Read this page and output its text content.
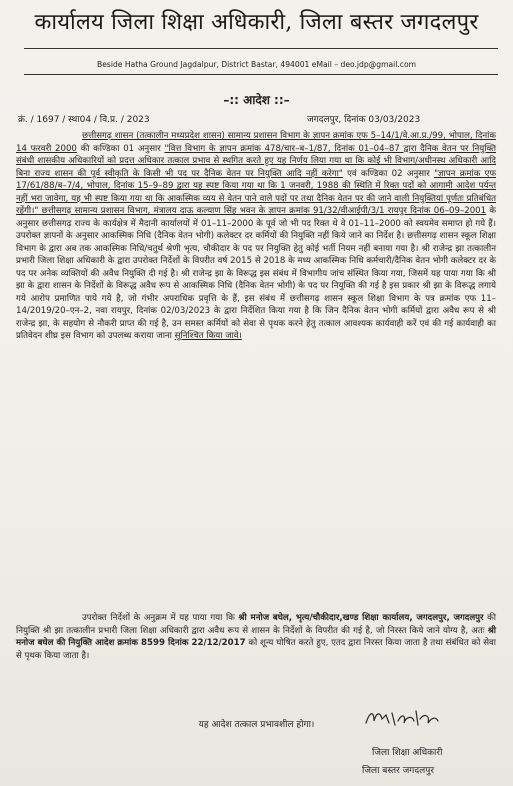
कार्यालय जिला शिक्षा अधिकारी, जिला बस्तर जगदलपुर
Beside Hatha Ground Jagdalpur, District Bastar, 494001 eMail – deo.jdp@gmail.com
–:: आदेश ::–
क्रं. / 1697 / स्था04 / वि.प्र. / 2023	जगदलपुर, दिनांक 03/03/2023
छत्तीसगढ़ शासन (तत्कालीन मध्यप्रदेश शासन) सामान्य प्रशासन विभाग के ज्ञापन क्रमांक एफ 5–14/1/वे.आ.प्र./99, भोपाल, दिनांक 14 फरवरी 2000 की कण्डिका 01 अनुसार "वित्त विभाग के ज्ञापन क्रमांक 478/चार–ब–1/87, दिनांक 01–04–87 द्वारा दैनिक वेतन पर नियुक्ति संबंधी शासकीय अधिकारियों को प्रदत्त अधिकार तत्काल प्रभाव से स्थगित करते हुए यह निर्णय लिया गया था कि कोई भी विभाग/अधीनस्थ अधिकारी आदि बिना राज्य शासन की पूर्व स्वीकृति के किसी भी पद पर दैनिक वेतन पर नियुक्ति आदि नहीं करेगा" एवं कण्डिका 02 अनुसार "ज्ञापन क्रमांक एफ 17/61/88/ब–7/4, भोपाल, दिनांक 15–9–89 द्वारा यह स्पष्ट किया गया था कि 1 जनवरी, 1988 की स्थिति में रिक्त पदों को आगामी आदेश पर्यन्त नहीं भरा जावेगा, यह भी स्पष्ट किया गया था कि आकस्मिक व्यय से वेतन पाने वाले पदों पर तथा दैनिक वेतन पर की जाने वाली नियुक्तियां पूर्णतः प्रतिबंधित रहेंगी।" छत्तीसगढ़ सामान्य प्रशासन विभाग, मंत्रालय दाऊ कल्याण सिंह भवन के ज्ञापन क्रमांक 91/32/वीआईपी/3/1 रायपुर दिनांक 06–09–2001 के अनुसार छत्तीसगढ़ राज्य के कार्यक्षेत्र में मैदानी कार्यालयों में 01–11–2000 के पूर्व जो भी पद रिक्त थे वे 01–11–2000 को स्वयमेव समाप्त हो गये हैं। उपरोक्त ज्ञापनों के अनुसार आकस्मिक निधि (दैनिक वेतन भोगी) कलेक्टर दर कर्मियों की नियुक्ति नहीं किये जाने का निर्देश है। छत्तीसगढ़ शासन स्कूल शिक्षा विभाग के द्वारा अब तक आकस्मिक निधि/चतुर्थ श्रेणी भृत्य, चौकीदार के पद पर नियुक्ति हेतु कोई भर्ती नियम नहीं बनाया गया है। श्री राजेन्द्र झा तत्कालीन प्रभारी जिला शिक्षा अधिकारी के द्वारा उपरोक्त निर्देशों के विपरीत वर्ष 2015 से 2018 के मध्य आकस्मिक निधि कर्मचारी/दैनिक वेतन भोगी कलेक्टर दर के पद पर अनेक व्यक्तियों की अवैध नियुक्ति दी गई है। श्री राजेन्द्र झा के विरूद्ध इस संबंध में विभागीय जांच संस्थित किया गया, जिसमें यह पाया गया कि श्री झा के द्वारा शासन के निर्देशों के विरूद्ध अवैध रूप से आकस्मिक निधि (दैनिक वेतन भोगी) के पद पर नियुक्ति की गई है इस प्रकार श्री झा के विरूद्ध लगाये गये आरोप प्रमाणित पाये गये है, जो गंभीर अपराधिक प्रवृत्ति के हैं, इस संबंध में छत्तीसगढ़ शासन स्कूल शिक्षा विभाग के पत्र क्रमांक एफ 11–14/2019/20–एन–2, नवा रायपुर, दिनांक 02/03/2023 के द्वारा निर्देशित किया गया है कि जिन दैनिक वेतन भोगी कर्मियों द्वारा अवैध रूप से श्री राजेन्द्र झा, के सहयोग से नौकरी प्राप्त की गई है, उन समस्त कर्मियों को सेवा से पृथक करने हेतु तत्काल आवश्यक कार्यवाही करें एवं की गई कार्यवाही का प्रतिवेदन शीघ्र इस विभाग को उपलब्ध कराया जाना सुनिश्चित किया जावे।
उपरोक्त निर्देशों के अनुक्रम में यह पाया गया कि श्री मनोज बघेल, भृत्य/चौकीदार,खण्ड शिक्षा कार्यालय, जगदलपुर, जगदलपुर की नियुक्ति श्री झा तत्कालीन प्रभारी जिला शिक्षा अधिकारी द्वारा अवैध रूप से शासन के निर्देशों के विपरीत की गई है, जो निरस्त किये जाने योग्य है, अतः श्री मनोज बघेल की नियुक्ति आदेश क्रमांक 8599 दिनांक 22/12/2017 को शून्य घोषित करते हुए, एतद द्वारा निरस्त किया जाता है तथा संबंधित को सेवा से पृथक किया जाता है।
यह आदेश तत्काल प्रभावशील होगा।
जिला शिक्षा अधिकारी
जिला बस्तर जगदलपुर
